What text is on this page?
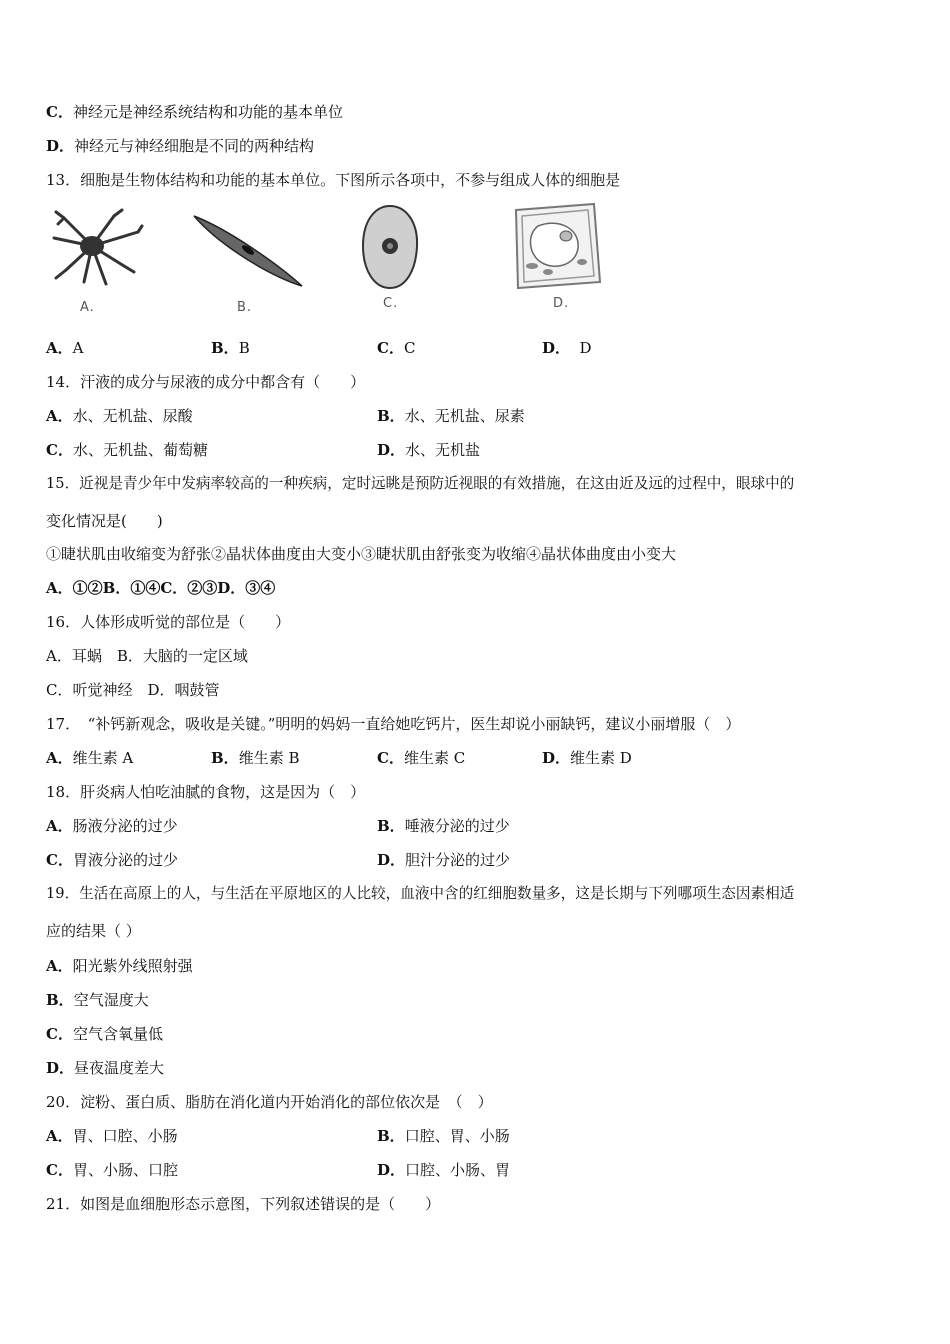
C．神经元是神经系统结构和功能的基本单位
D．神经元与神经细胞是不同的两种结构
13．细胞是生物体结构和功能的基本单位。下图所示各项中，不参与组成人体的细胞是
A.	B.	C.	D.
A．A	B．B	C．C	D．  D
14．汗液的成分与尿液的成分中都含有（　　）
A．水、无机盐、尿酸	B．水、无机盐、尿素
C．水、无机盐、葡萄糖	D．水、无机盐
15．近视是青少年中发病率较高的一种疾病，定时远眺是预防近视眼的有效措施，在这由近及远的过程中，眼球中的
变化情况是(　　)
①睫状肌由收缩变为舒张②晶状体曲度由大变小③睫状肌由舒张变为收缩④晶状体曲度由小变大
A．①②B．①④C．②③D．③④
16．人体形成听觉的部位是（　　）
A．耳蜗　B．大脑的一定区域
C．听觉神经　D．咽鼓管
17．　“补钙新观念，吸收是关键。”明明的妈妈一直给她吃钙片，医生却说小丽缺钙，建议小丽增服（　）
A．维生素 A	B．维生素 B	C．维生素 C	D．维生素 D
18．肝炎病人怕吃油腻的食物，这是因为（　）
A．肠液分泌的过少	B．唾液分泌的过少
C．胃液分泌的过少	D．胆汁分泌的过少
19．生活在高原上的人，与生活在平原地区的人比较，血液中含的红细胞数量多，这是长期与下列哪项生态因素相适
应的结果（ ）
A．阳光紫外线照射强
B．空气湿度大
C．空气含氧量低
D．昼夜温度差大
20．淀粉、蛋白质、脂肪在消化道内开始消化的部位依次是　（　）
A．胃、口腔、小肠	B．口腔、胃、小肠
C．胃、小肠、口腔	D．口腔、小肠、胃
21．如图是血细胞形态示意图，下列叙述错误的是（　　）
